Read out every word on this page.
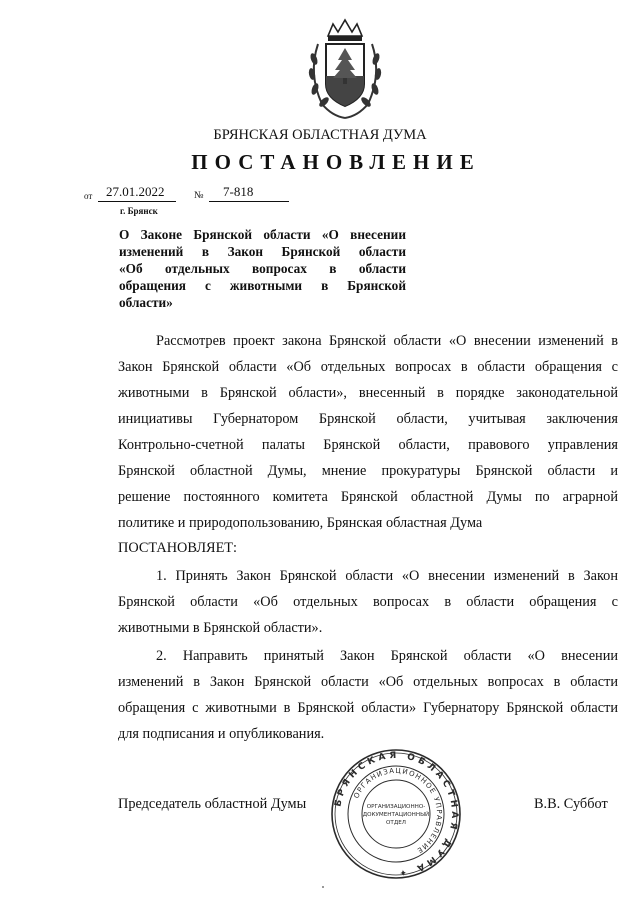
БРЯНСКАЯ ОБЛАСТНАЯ ДУМА
ПОСТАНОВЛЕНИЕ
от	27.01.2022	№	7-818
г. Брянск
О Законе Брянской области «О внесении
изменений в Закон Брянской области
«Об отдельных вопросах в области
обращения с животными в Брянской
области»
Рассмотрев проект закона Брянской области «О внесении изменений в
Закон Брянской области «Об отдельных вопросах в области обращения с
животными в Брянской области», внесенный в порядке законодательной
инициативы Губернатором Брянской области, учитывая заключения
Контрольно-счетной палаты Брянской области, правового управления
Брянской областной Думы, мнение прокуратуры Брянской области и
решение постоянного комитета Брянской областной Думы по аграрной
политике и природопользованию, Брянская областная Дума
ПОСТАНОВЛЯЕТ:
1. Принять Закон Брянской области «О внесении изменений в Закон
Брянской области «Об отдельных вопросах в области обращения с
животными в Брянской области».
2. Направить принятый Закон Брянской области «О внесении
изменений в Закон Брянской области «Об отдельных вопросах в области
обращения с животными в Брянской области» Губернатору Брянской области
для подписания и опубликования.
Председатель областной Думы	В.В. Суббот
БРЯНСКАЯ ОБЛАСТНАЯ ДУМА ✦
ОРГАНИЗАЦИОННОЕ УПРАВЛЕНИЕ
ОРГАНИЗАЦИОННО-
ДОКУМЕНТАЦИОННЫЙ
ОТДЕЛ
